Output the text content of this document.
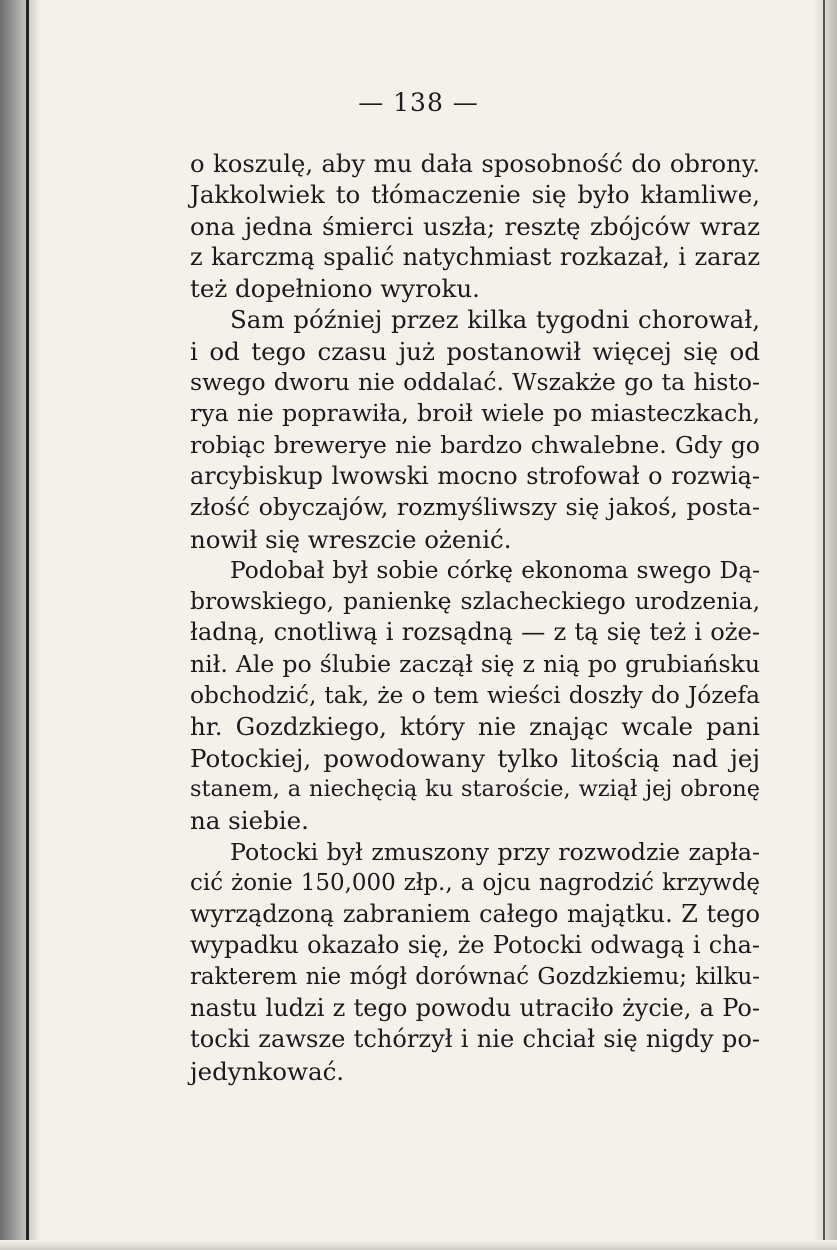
— 138 —
o koszulę, aby mu dała sposobność do obrony.
Jakkolwiek to tłómaczenie się było kłamliwe,
ona jedna śmierci uszła; resztę zbójców wraz
z karczmą spalić natychmiast rozkazał, i zaraz
też dopełniono wyroku.
Sam później przez kilka tygodni chorował,
i od tego czasu już postanowił więcej się od
swego dworu nie oddalać. Wszakże go ta histo-
rya nie poprawiła, broił wiele po miasteczkach,
robiąc brewerye nie bardzo chwalebne. Gdy go
arcybiskup lwowski mocno strofował o rozwią-
złość obyczajów, rozmyśliwszy się jakoś, posta-
nowił się wreszcie ożenić.
Podobał był sobie córkę ekonoma swego Dą-
browskiego, panienkę szlacheckiego urodzenia,
ładną, cnotliwą i rozsądną — z tą się też i oże-
nił. Ale po ślubie zaczął się z nią po grubiańsku
obchodzić, tak, że o tem wieści doszły do Józefa
hr. Gozdzkiego, który nie znając wcale pani
Potockiej, powodowany tylko litością nad jej
stanem, a niechęcią ku staroście, wziął jej obronę
na siebie.
Potocki był zmuszony przy rozwodzie zapła-
cić żonie 150,000 złp., a ojcu nagrodzić krzywdę
wyrządzoną zabraniem całego majątku. Z tego
wypadku okazało się, że Potocki odwagą i cha-
rakterem nie mógł dorównać Gozdzkiemu; kilku-
nastu ludzi z tego powodu utraciło życie, a Po-
tocki zawsze tchórzył i nie chciał się nigdy po-
jedynkować.
